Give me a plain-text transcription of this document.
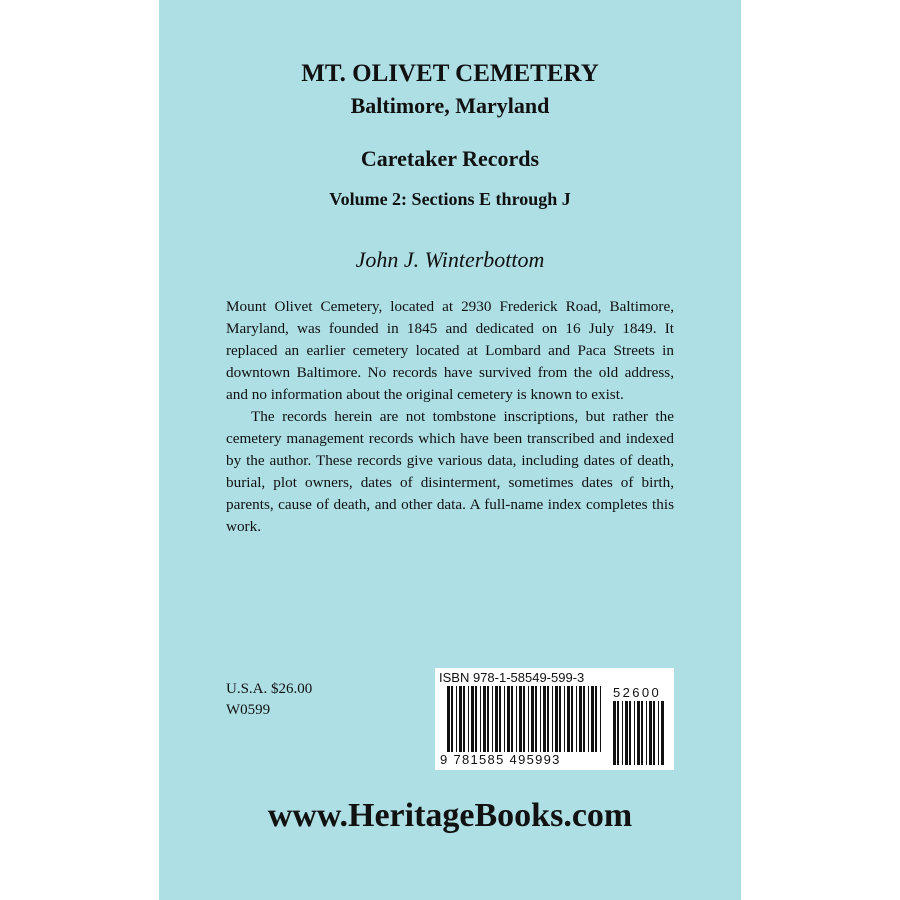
MT. OLIVET CEMETERY
Baltimore, Maryland
Caretaker Records
Volume 2: Sections E through J
John J. Winterbottom

Mount Olivet Cemetery, located at 2930 Frederick Road, Baltimore, Maryland, was founded in 1845 and dedicated on 16 July 1849. It replaced an earlier cemetery located at Lombard and Paca Streets in downtown Baltimore. No records have survived from the old address, and no information about the original cemetery is known to exist.

The records herein are not tombstone inscriptions, but rather the cemetery management records which have been transcribed and indexed by the author. These records give various data, including dates of death, burial, plot owners, dates of disinterment, sometimes dates of birth, parents, cause of death, and other data. A full-name index completes this work.

U.S.A. $26.00
W0599
ISBN 978-1-58549-599-3
9 781585 495993
52600
www.HeritageBooks.com
